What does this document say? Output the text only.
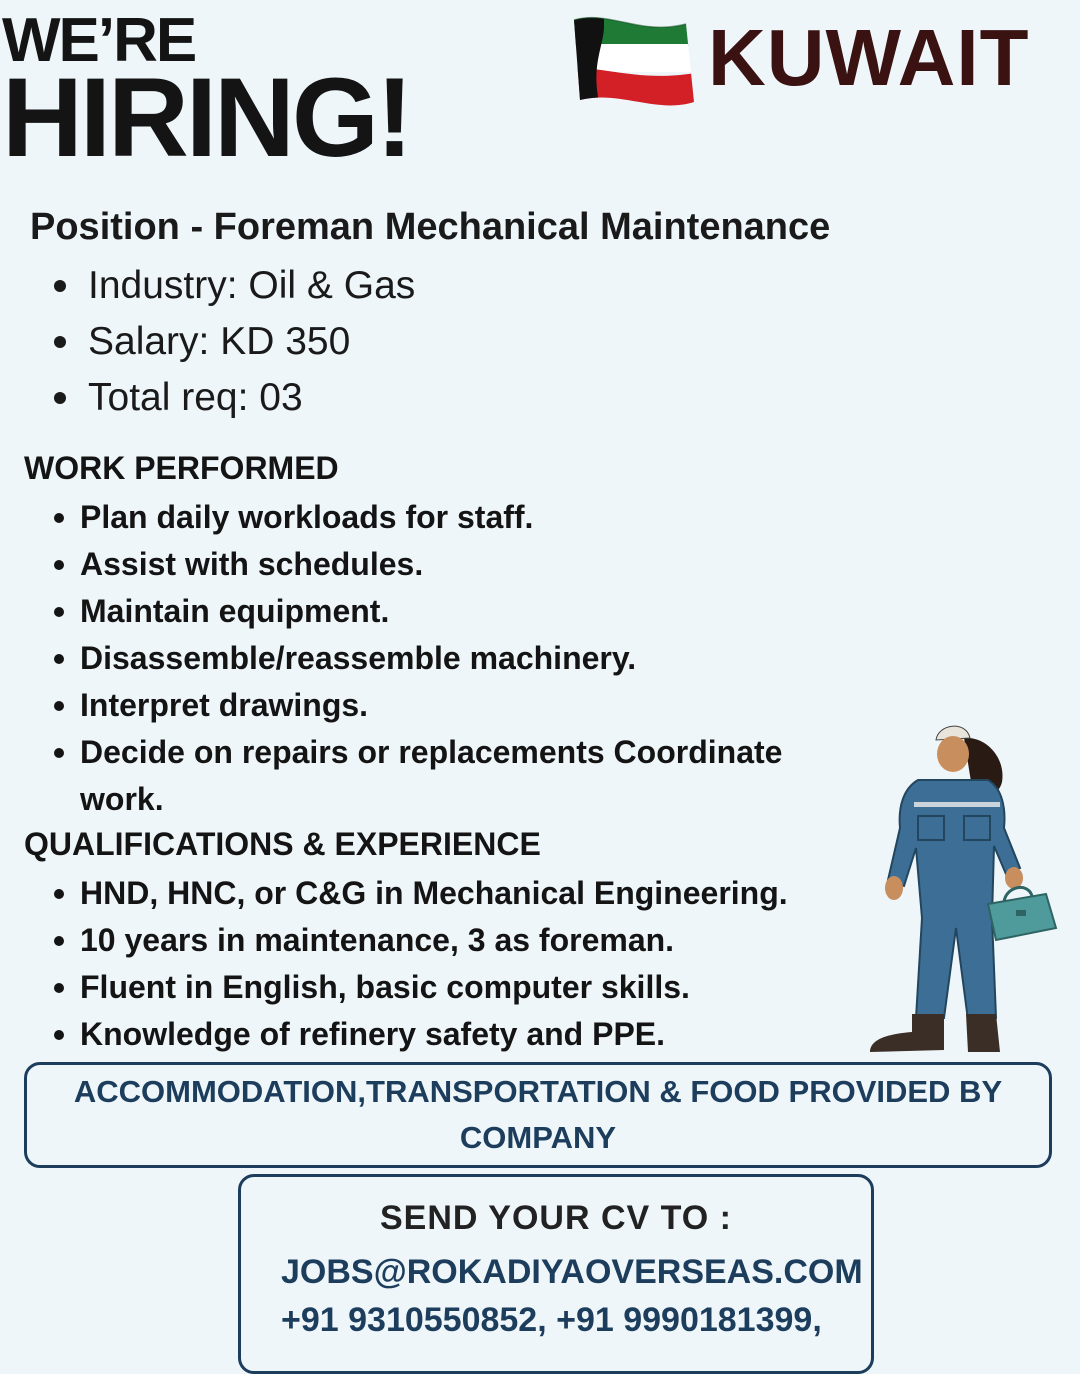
WE’RE
HIRING!	KUWAIT
Position - Foreman Mechanical Maintenance
Industry: Oil & Gas
Salary: KD 350
Total req: 03
WORK PERFORMED
Plan daily workloads for staff.
Assist with schedules.
Maintain equipment.
Disassemble/reassemble machinery.
Interpret drawings.
Decide on repairs or replacements Coordinate work.
QUALIFICATIONS & EXPERIENCE
HND, HNC, or C&G in Mechanical Engineering.
10 years in maintenance, 3 as foreman.
Fluent in English, basic computer skills.
Knowledge of refinery safety and PPE.
ACCOMMODATION,TRANSPORTATION & FOOD PROVIDED BY COMPANY
SEND YOUR CV TO :
JOBS@ROKADIYAOVERSEAS.COM
+91 9310550852, +91 9990181399,
